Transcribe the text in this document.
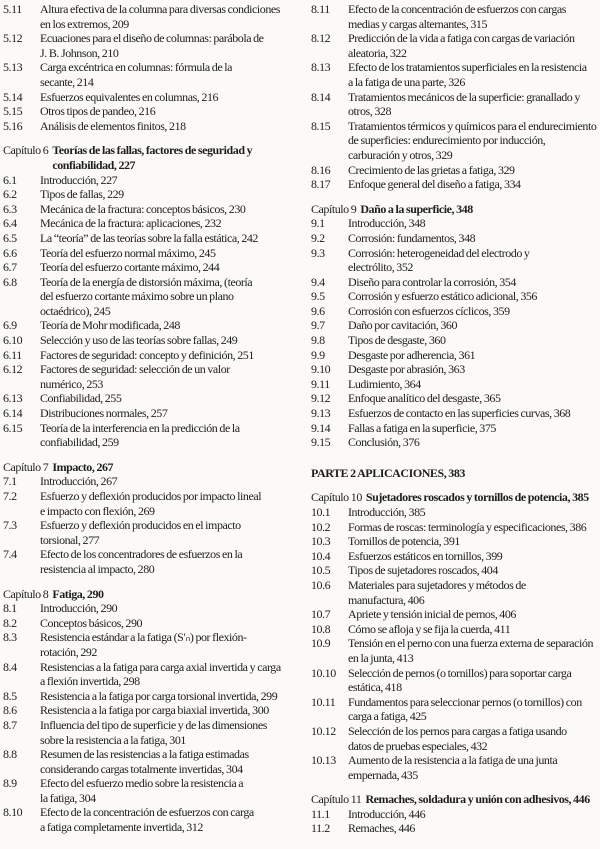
5.11	Altura efectiva de la columna para diversas condiciones
en los extremos, 209
5.12	Ecuaciones para el diseño de columnas: parábola de
J. B. Johnson, 210
5.13	Carga excéntrica en columnas: fórmula de la
secante, 214
5.14	Esfuerzos equivalentes en columnas, 216
5.15	Otros tipos de pandeo, 216
5.16	Análisis de elementos finitos, 218
Capítulo 6 Teorías de las fallas, factores de seguridad y
confiabilidad, 227
6.1	Introducción, 227
6.2	Tipos de fallas, 229
6.3	Mecánica de la fractura: conceptos básicos, 230
6.4	Mecánica de la fractura: aplicaciones, 232
6.5	La “teoría” de las teorías sobre la falla estática, 242
6.6	Teoría del esfuerzo normal máximo, 245
6.7	Teoría del esfuerzo cortante máximo, 244
6.8	Teoría de la energía de distorsión máxima, (teoría
del esfuerzo cortante máximo sobre un plano
octaédrico), 245
6.9	Teoría de Mohr modificada, 248
6.10	Selección y uso de las teorías sobre fallas, 249
6.11	Factores de seguridad: concepto y definición, 251
6.12	Factores de seguridad: selección de un valor
numérico, 253
6.13	Confiabilidad, 255
6.14	Distribuciones normales, 257
6.15	Teoría de la interferencia en la predicción de la
confiabilidad, 259
Capítulo 7 Impacto, 267
7.1	Introducción, 267
7.2	Esfuerzo y deflexión producidos por impacto lineal
e impacto con flexión, 269
7.3	Esfuerzo y deflexión producidos en el impacto
torsional, 277
7.4	Efecto de los concentradores de esfuerzos en la
resistencia al impacto, 280
Capítulo 8 Fatiga, 290
8.1	Introducción, 290
8.2	Conceptos básicos, 290
8.3	Resistencia estándar a la fatiga (S′ₙ) por flexión-
rotación, 292
8.4	Resistencias a la fatiga para carga axial invertida y carga
a flexión invertida, 298
8.5	Resistencia a la fatiga por carga torsional invertida, 299
8.6	Resistencia a la fatiga por carga biaxial invertida, 300
8.7	Influencia del tipo de superficie y de las dimensiones
sobre la resistencia a la fatiga, 301
8.8	Resumen de las resistencias a la fatiga estimadas
considerando cargas totalmente invertidas, 304
8.9	Efecto del esfuerzo medio sobre la resistencia a
la fatiga, 304
8.10	Efecto de la concentración de esfuerzos con carga
a fatiga completamente invertida, 312
8.11	Efecto de la concentración de esfuerzos con cargas
medias y cargas alternantes, 315
8.12	Predicción de la vida a fatiga con cargas de variación
aleatoria, 322
8.13	Efecto de los tratamientos superficiales en la resistencia
a la fatiga de una parte, 326
8.14	Tratamientos mecánicos de la superficie: granallado y
otros, 328
8.15	Tratamientos térmicos y químicos para el endurecimiento
de superficies: endurecimiento por inducción,
carburación y otros, 329
8.16	Crecimiento de las grietas a fatiga, 329
8.17	Enfoque general del diseño a fatiga, 334
Capítulo 9 Daño a la superficie, 348
9.1	Introducción, 348
9.2	Corrosión: fundamentos, 348
9.3	Corrosión: heterogeneidad del electrodo y
electrólito, 352
9.4	Diseño para controlar la corrosión, 354
9.5	Corrosión y esfuerzo estático adicional, 356
9.6	Corrosión con esfuerzos cíclicos, 359
9.7	Daño por cavitación, 360
9.8	Tipos de desgaste, 360
9.9	Desgaste por adherencia, 361
9.10	Desgaste por abrasión, 363
9.11	Ludimiento, 364
9.12	Enfoque analítico del desgaste, 365
9.13	Esfuerzos de contacto en las superficies curvas, 368
9.14	Fallas a fatiga en la superficie, 375
9.15	Conclusión, 376
PARTE 2 APLICACIONES, 383
Capítulo 10 Sujetadores roscados y tornillos de potencia, 385
10.1	Introducción, 385
10.2	Formas de roscas: terminología y especificaciones, 386
10.3	Tornillos de potencia, 391
10.4	Esfuerzos estáticos en tornillos, 399
10.5	Tipos de sujetadores roscados, 404
10.6	Materiales para sujetadores y métodos de
manufactura, 406
10.7	Apriete y tensión inicial de pernos, 406
10.8	Cómo se afloja y se fija la cuerda, 411
10.9	Tensión en el perno con una fuerza externa de separación
en la junta, 413
10.10	Selección de pernos (o tornillos) para soportar carga
estática, 418
10.11	Fundamentos para seleccionar pernos (o tornillos) con
carga a fatiga, 425
10.12	Selección de los pernos para cargas a fatiga usando
datos de pruebas especiales, 432
10.13	Aumento de la resistencia a la fatiga de una junta
empernada, 435
Capítulo 11 Remaches, soldadura y unión con adhesivos, 446
11.1	Introducción, 446
11.2	Remaches, 446
